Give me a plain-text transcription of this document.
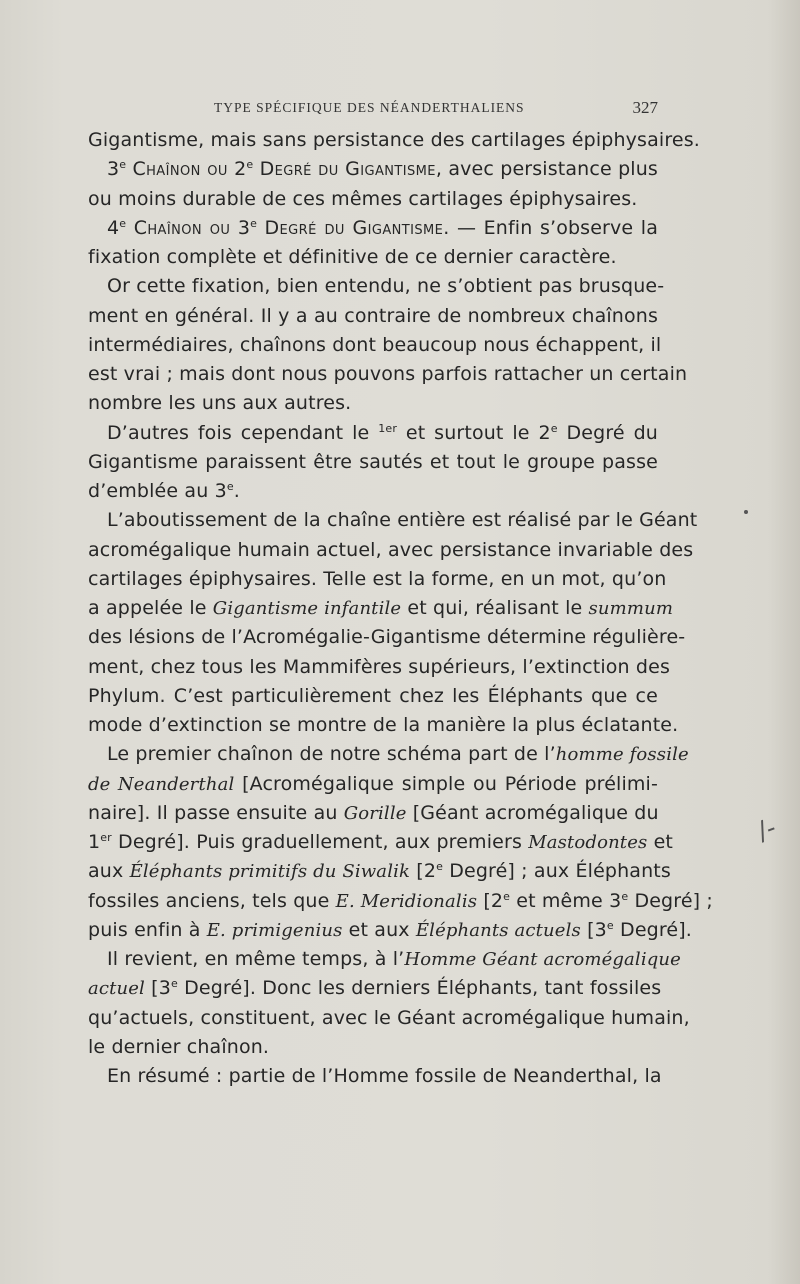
TYPE SPÉCIFIQUE DES NÉANDERTHALIENS	327
Gigantisme, mais sans persistance des cartilages épiphysaires.
3e Chaînon ou 2e Degré du Gigantisme, avec persistance plus
ou moins durable de ces mêmes cartilages épiphysaires.
4e Chaînon ou 3e Degré du Gigantisme. — Enfin s’observe la
fixation complète et définitive de ce dernier caractère.
Or cette fixation, bien entendu, ne s’obtient pas brusque-
ment en général. Il y a au contraire de nombreux chaînons
intermédiaires, chaînons dont beaucoup nous échappent, il
est vrai ; mais dont nous pouvons parfois rattacher un certain
nombre les uns aux autres.
D’autres fois cependant le $^{1er}$ et surtout le 2e Degré du
Gigantisme paraissent être sautés et tout le groupe passe
d’emblée au 3e.
L’aboutissement de la chaîne entière est réalisé par le Géant
acromégalique humain actuel, avec persistance invariable des
cartilages épiphysaires. Telle est la forme, en un mot, qu’on
a appelée le Gigantisme infantile et qui, réalisant le summum
des lésions de l’Acromégalie-Gigantisme détermine régulière-
ment, chez tous les Mammifères supérieurs, l’extinction des
Phylum. C’est particulièrement chez les Éléphants que ce
mode d’extinction se montre de la manière la plus éclatante.
Le premier chaînon de notre schéma part de l’homme fossile
de Neanderthal [Acromégalique simple ou Période prélimi-
naire]. Il passe ensuite au Gorille [Géant acromégalique du
1er Degré]. Puis graduellement, aux premiers Mastodontes et
aux Éléphants primitifs du Siwalik [2e Degré] ; aux Éléphants
fossiles anciens, tels que E. Meridionalis [2e et même 3e Degré] ;
puis enfin à E. primigenius et aux Éléphants actuels [3e Degré].
Il revient, en même temps, à l’Homme Géant acromégalique
actuel [3e Degré]. Donc les derniers Éléphants, tant fossiles
qu’actuels, constituent, avec le Géant acromégalique humain,
le dernier chaînon.
En résumé : partie de l’Homme fossile de Neanderthal, la
/-
